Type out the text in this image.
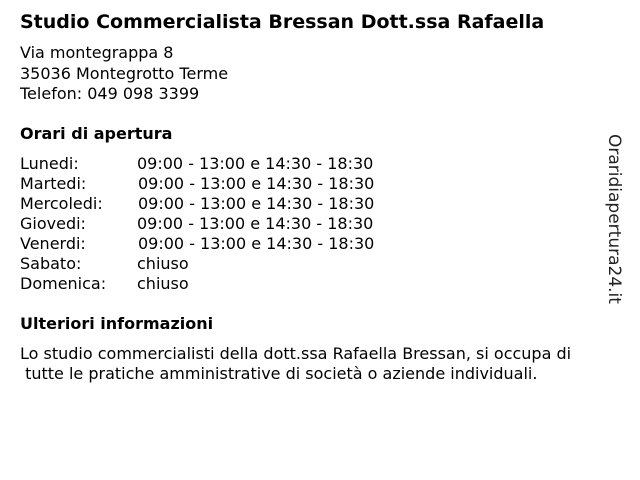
Studio Commercialista Bressan Dott.ssa Rafaella
Via montegrappa 8
35036 Montegrotto Terme
Telefon: 049 098 3399
Orari di apertura
Lunedi:	09:00 - 13:00 e 14:30 - 18:30
Martedi:	09:00 - 13:00 e 14:30 - 18:30
Mercoledi: 09:00 - 13:00 e 14:30 - 18:30
Giovedi:	09:00 - 13:00 e 14:30 - 18:30
Venerdi:	09:00 - 13:00 e 14:30 - 18:30
Sabato:	chiuso
Domenica: chiuso
Ulteriori informazioni
Lo studio commercialisti della dott.ssa Rafaella Bressan, si occupa di
tutte le pratiche amministrative di società o aziende individuali.
Oraridiapertura24.it
